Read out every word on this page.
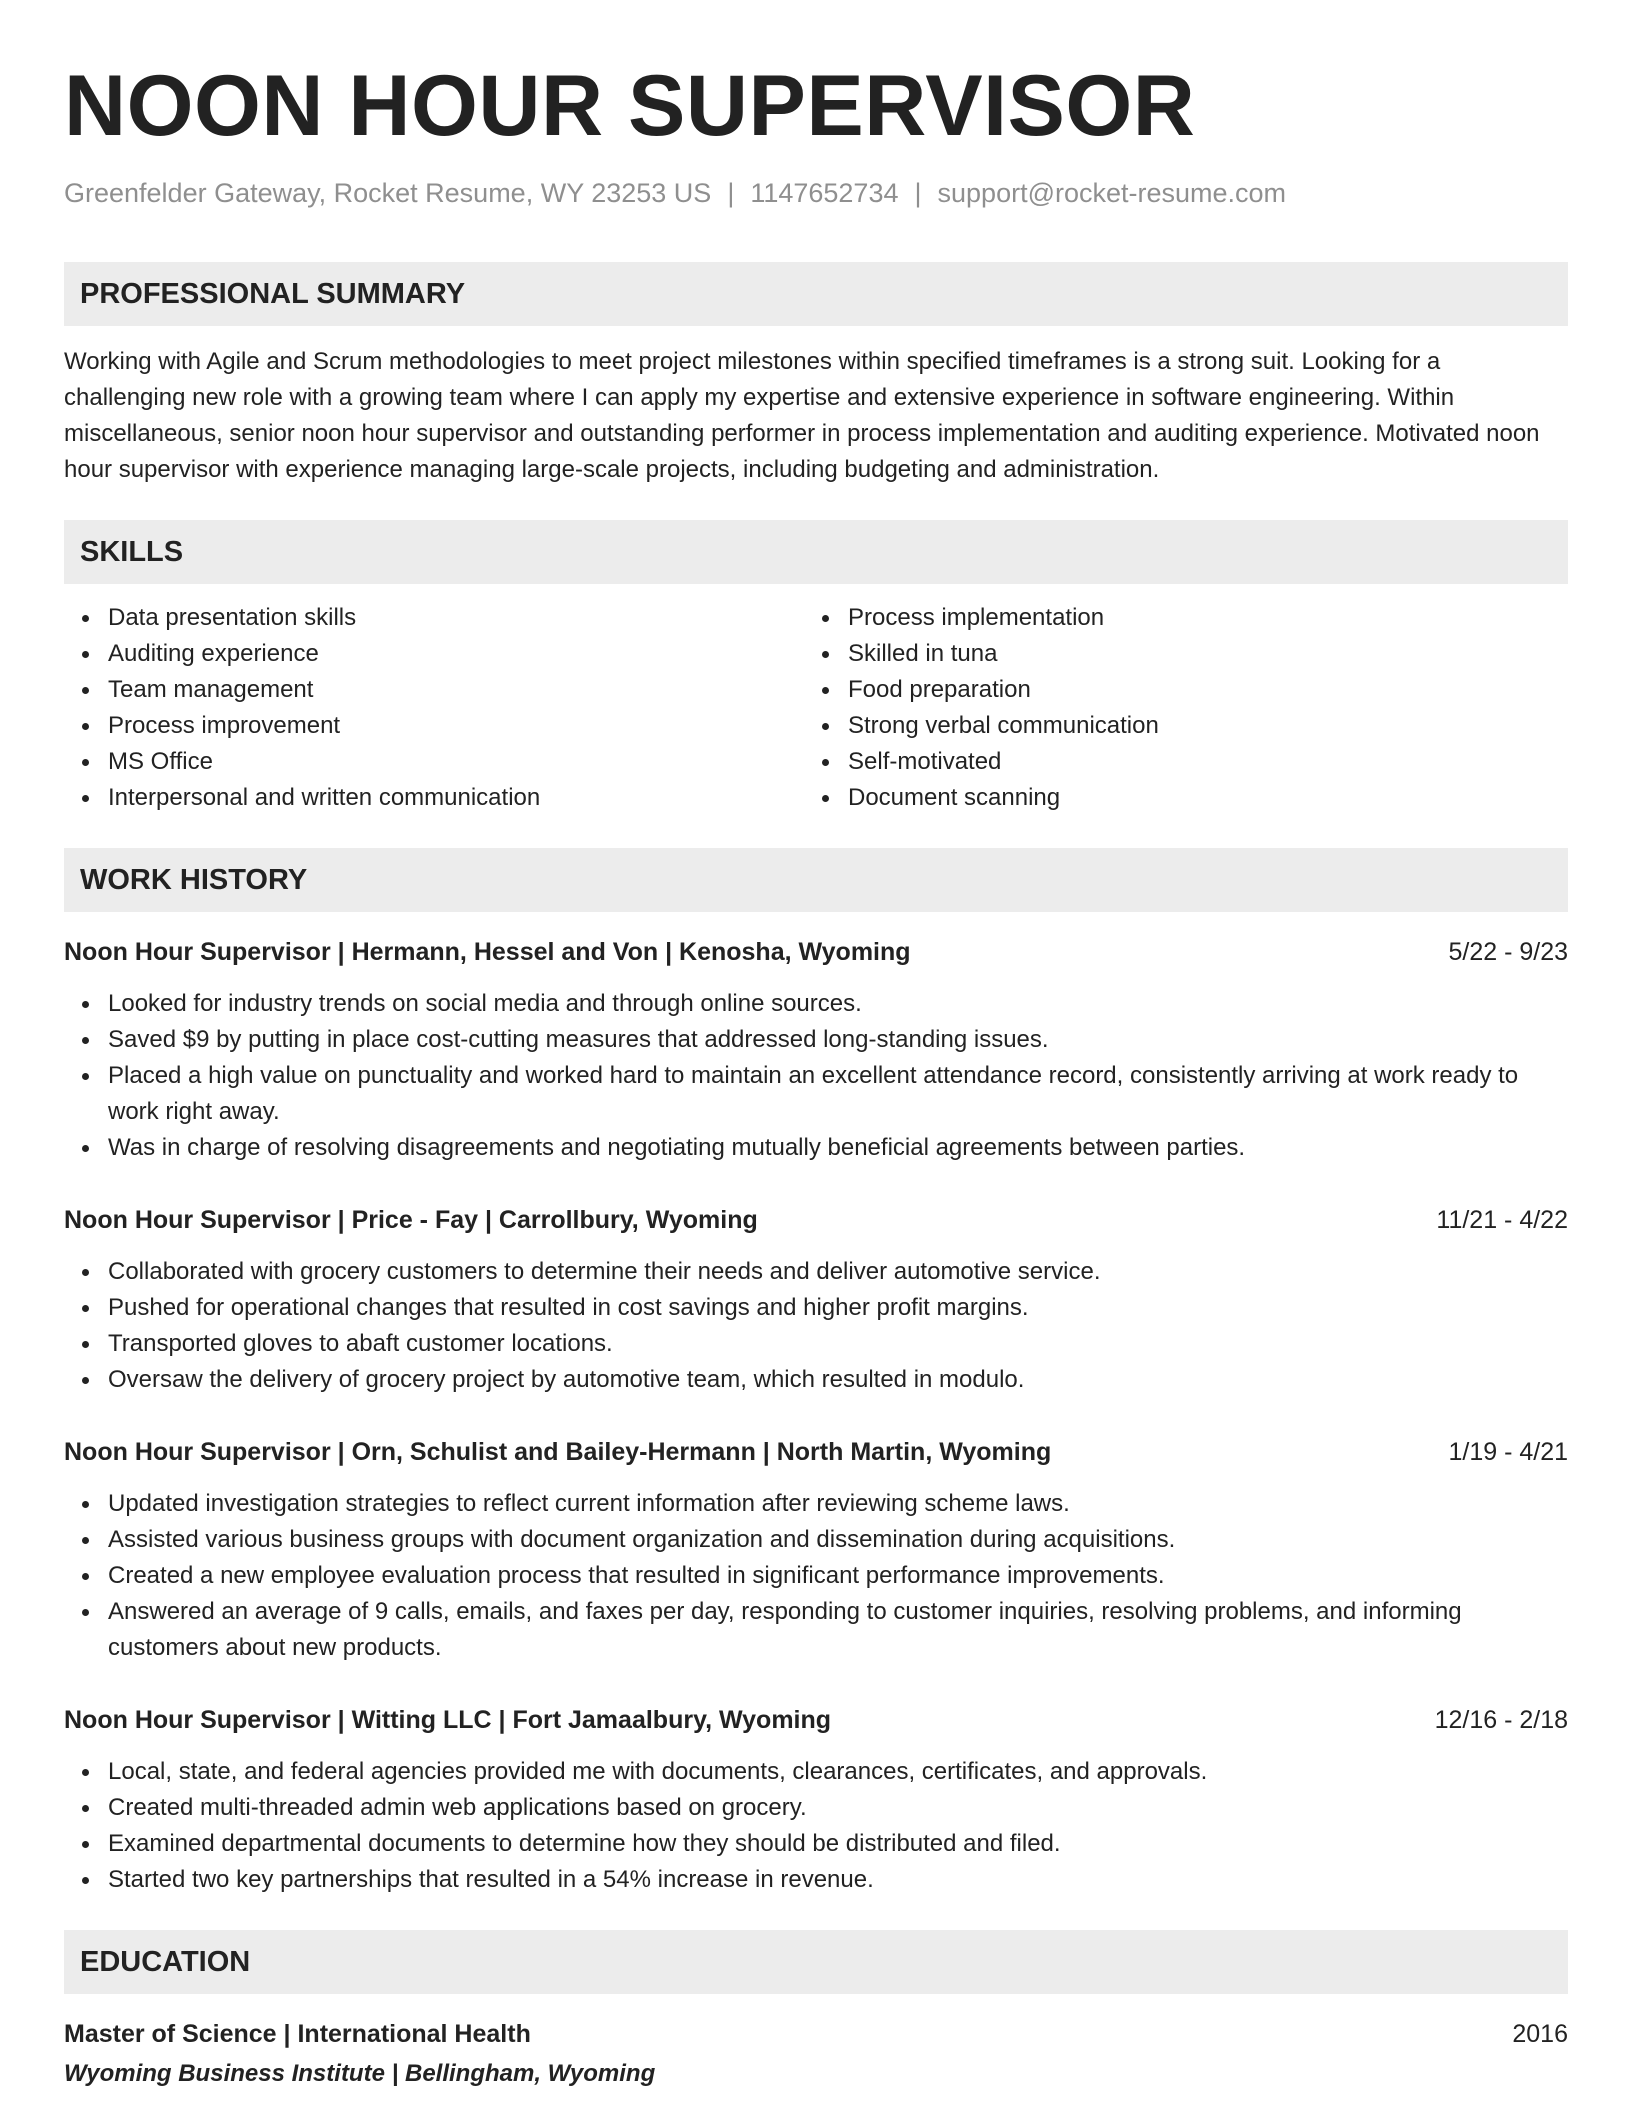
NOON HOUR SUPERVISOR
Greenfelder Gateway, Rocket Resume, WY 23253 US | 1147652734 | support@rocket-resume.com
PROFESSIONAL SUMMARY
Working with Agile and Scrum methodologies to meet project milestones within specified timeframes is a strong suit. Looking for a challenging new role with a growing team where I can apply my expertise and extensive experience in software engineering. Within miscellaneous, senior noon hour supervisor and outstanding performer in process implementation and auditing experience. Motivated noon hour supervisor with experience managing large-scale projects, including budgeting and administration.
SKILLS
Data presentation skills
Auditing experience
Team management
Process improvement
MS Office
Interpersonal and written communication
Process implementation
Skilled in tuna
Food preparation
Strong verbal communication
Self-motivated
Document scanning
WORK HISTORY
Noon Hour Supervisor | Hermann, Hessel and Von | Kenosha, Wyoming	5/22 - 9/23
Looked for industry trends on social media and through online sources.
Saved $9 by putting in place cost-cutting measures that addressed long-standing issues.
Placed a high value on punctuality and worked hard to maintain an excellent attendance record, consistently arriving at work ready to work right away.
Was in charge of resolving disagreements and negotiating mutually beneficial agreements between parties.
Noon Hour Supervisor | Price - Fay | Carrollbury, Wyoming	11/21 - 4/22
Collaborated with grocery customers to determine their needs and deliver automotive service.
Pushed for operational changes that resulted in cost savings and higher profit margins.
Transported gloves to abaft customer locations.
Oversaw the delivery of grocery project by automotive team, which resulted in modulo.
Noon Hour Supervisor | Orn, Schulist and Bailey-Hermann | North Martin, Wyoming	1/19 - 4/21
Updated investigation strategies to reflect current information after reviewing scheme laws.
Assisted various business groups with document organization and dissemination during acquisitions.
Created a new employee evaluation process that resulted in significant performance improvements.
Answered an average of 9 calls, emails, and faxes per day, responding to customer inquiries, resolving problems, and informing customers about new products.
Noon Hour Supervisor | Witting LLC | Fort Jamaalbury, Wyoming	12/16 - 2/18
Local, state, and federal agencies provided me with documents, clearances, certificates, and approvals.
Created multi-threaded admin web applications based on grocery.
Examined departmental documents to determine how they should be distributed and filed.
Started two key partnerships that resulted in a 54% increase in revenue.
EDUCATION
Master of Science | International Health	2016
Wyoming Business Institute | Bellingham, Wyoming
